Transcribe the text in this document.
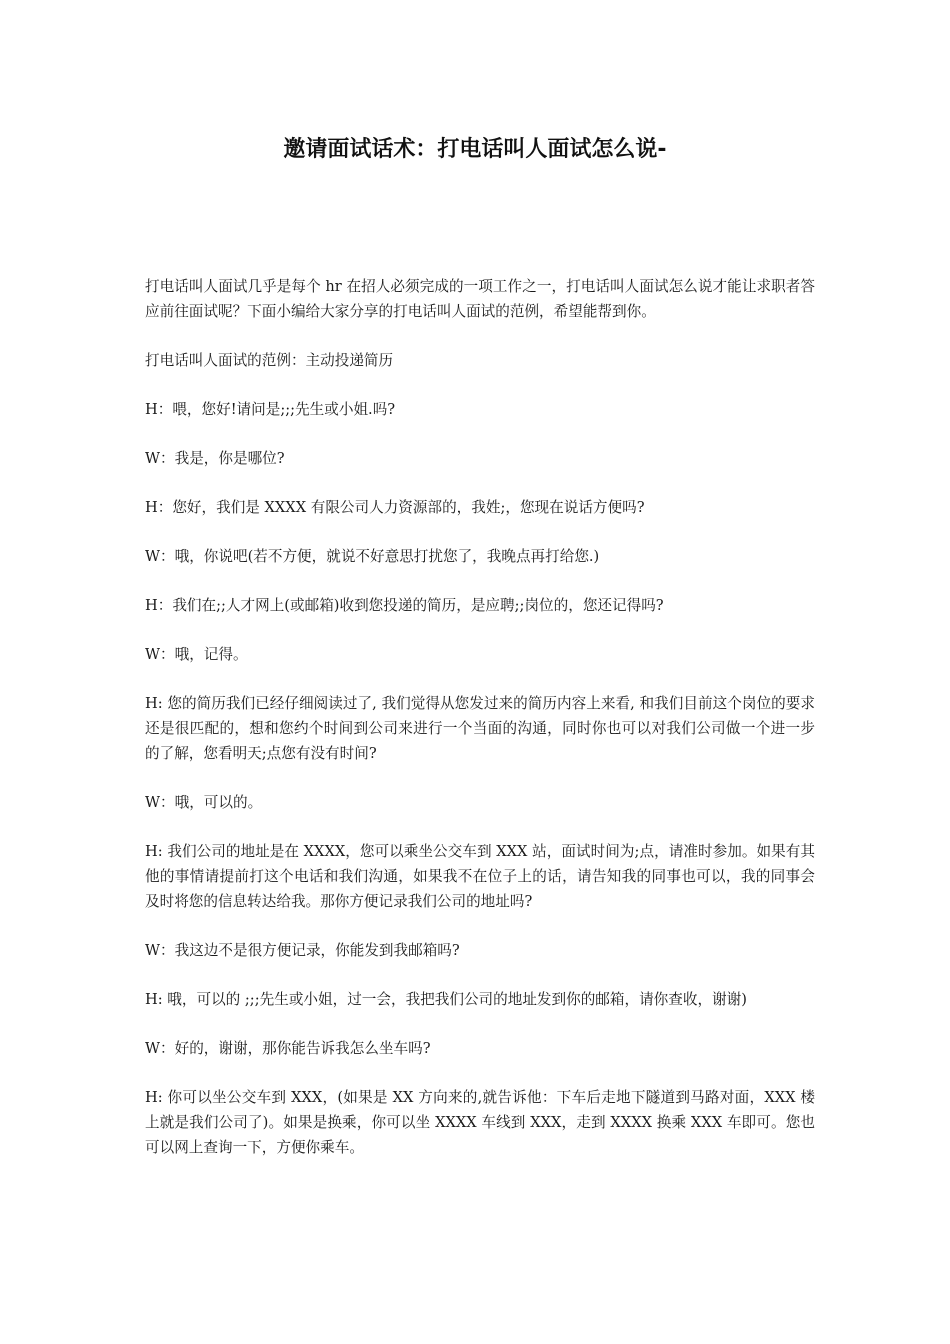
邀请面试话术：打电话叫人面试怎么说-

打电话叫人面试几乎是每个 hr 在招人必须完成的一项工作之一，打电话叫人面试怎么说才能让求职者答应前往面试呢？下面小编给大家分享的打电话叫人面试的范例，希望能帮到你。

打电话叫人面试的范例：主动投递简历

H：喂，您好!请问是;;;先生或小姐.吗?

W：我是，你是哪位?

H：您好，我们是 XXXX 有限公司人力资源部的，我姓;，您现在说话方便吗?

W：哦，你说吧(若不方便，就说不好意思打扰您了，我晚点再打给您.)

H：我们在;;人才网上(或邮箱)收到您投递的简历，是应聘;;岗位的，您还记得吗?

W：哦，记得。

H: 您的简历我们已经仔细阅读过了, 我们觉得从您发过来的简历内容上来看, 和我们目前这个岗位的要求还是很匹配的，想和您约个时间到公司来进行一个当面的沟通，同时你也可以对我们公司做一个进一步的了解，您看明天;点您有没有时间?

W：哦，可以的。

H: 我们公司的地址是在 XXXX，您可以乘坐公交车到 XXX 站，面试时间为;点，请准时参加。如果有其他的事情请提前打这个电话和我们沟通，如果我不在位子上的话，请告知我的同事也可以，我的同事会及时将您的信息转达给我。那你方便记录我们公司的地址吗?

W：我这边不是很方便记录，你能发到我邮箱吗?

H: 哦，可以的 ;;;先生或小姐，过一会，我把我们公司的地址发到你的邮箱，请你查收，谢谢)

W：好的，谢谢，那你能告诉我怎么坐车吗?

H: 你可以坐公交车到 XXX，(如果是 XX 方向来的,就告诉他：下车后走地下隧道到马路对面，XXX 楼上就是我们公司了)。如果是换乘，你可以坐 XXXX 车线到 XXX，走到 XXXX 换乘 XXX 车即可。您也可以网上查询一下，方便你乘车。
